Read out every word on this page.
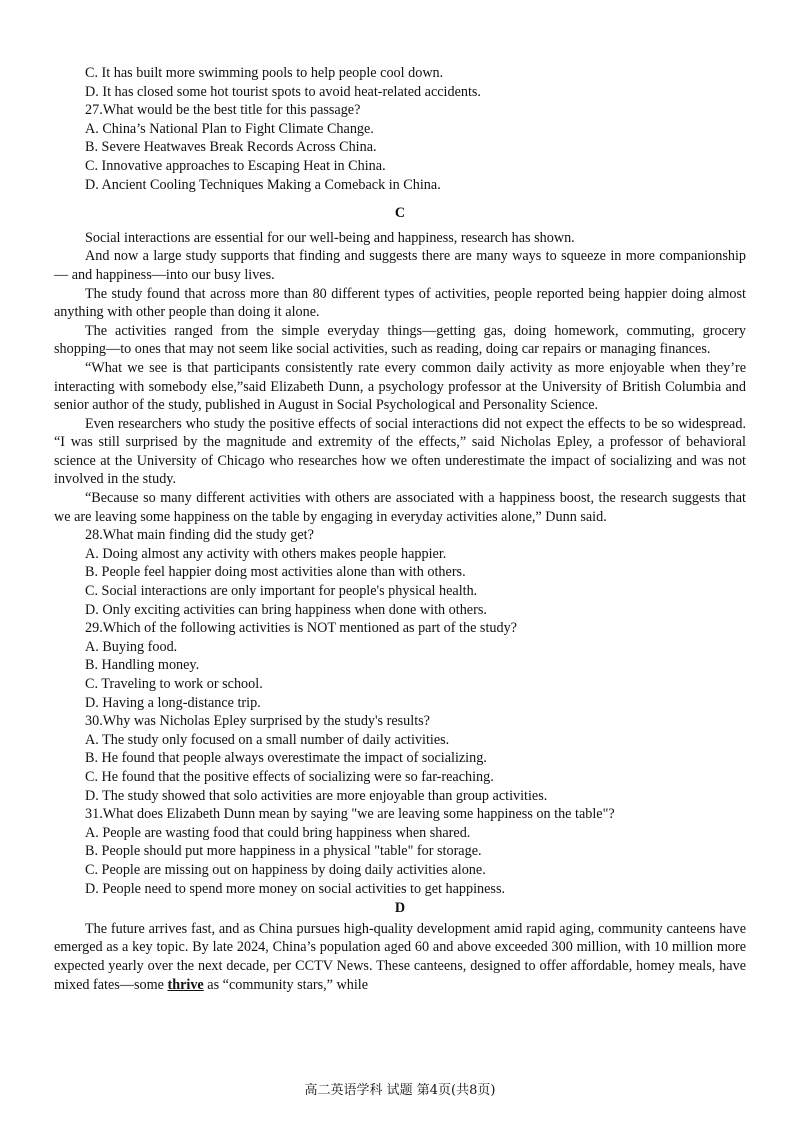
C. It has built more swimming pools to help people cool down.

D. It has closed some hot tourist spots to avoid heat-related accidents.

27.What would be the best title for this passage?

A. China’s National Plan to Fight Climate Change.

B. Severe Heatwaves Break Records Across China.

C. Innovative approaches to Escaping Heat in China.

D. Ancient Cooling Techniques Making a Comeback in China.

C

Social interactions are essential for our well-being and happiness, research has shown.

And now a large study supports that finding and suggests there are many ways to squeeze in more companionship — and happiness—into our busy lives.

The study found that across more than 80 different types of activities, people reported being happier doing almost anything with other people than doing it alone.

The activities ranged from the simple everyday things—getting gas, doing homework, commuting, grocery shopping—to ones that may not seem like social activities, such as reading, doing car repairs or managing finances.

“What we see is that participants consistently rate every common daily activity as more enjoyable when they’re interacting with somebody else,”said Elizabeth Dunn, a psychology professor at the University of British Columbia and senior author of the study, published in August in Social Psychological and Personality Science.

Even researchers who study the positive effects of social interactions did not expect the effects to be so widespread. “I was still surprised by the magnitude and extremity of the effects,” said Nicholas Epley, a professor of behavioral science at the University of Chicago who researches how we often underestimate the impact of socializing and was not involved in the study.

“Because so many different activities with others are associated with a happiness boost, the research suggests that we are leaving some happiness on the table by engaging in everyday activities alone,” Dunn said.

28.What main finding did the study get?

A. Doing almost any activity with others makes people happier.

B. People feel happier doing most activities alone than with others.

C. Social interactions are only important for people's physical health.

D. Only exciting activities can bring happiness when done with others.

29.Which of the following activities is NOT mentioned as part of the study?

A. Buying food.

B. Handling money.

C. Traveling to work or school.

D. Having a long-distance trip.

30.Why was Nicholas Epley surprised by the study's results?

A. The study only focused on a small number of daily activities.

B. He found that people always overestimate the impact of socializing.

C. He found that the positive effects of socializing were so far-reaching.

D. The study showed that solo activities are more enjoyable than group activities.

31.What does Elizabeth Dunn mean by saying "we are leaving some happiness on the table"?

A. People are wasting food that could bring happiness when shared.

B. People should put more happiness in a physical "table" for storage.

C. People are missing out on happiness by doing daily activities alone.

D. People need to spend more money on social activities to get happiness.

D

The future arrives fast, and as China pursues high-quality development amid rapid aging, community canteens have emerged as a key topic. By late 2024, China’s population aged 60 and above exceeded 300 million, with 10 million more expected yearly over the next decade, per CCTV News. These canteens, designed to offer affordable, homey meals, have mixed fates—some thrive as “community stars,” while

高二英语学科 试题 第4页(共8页)
